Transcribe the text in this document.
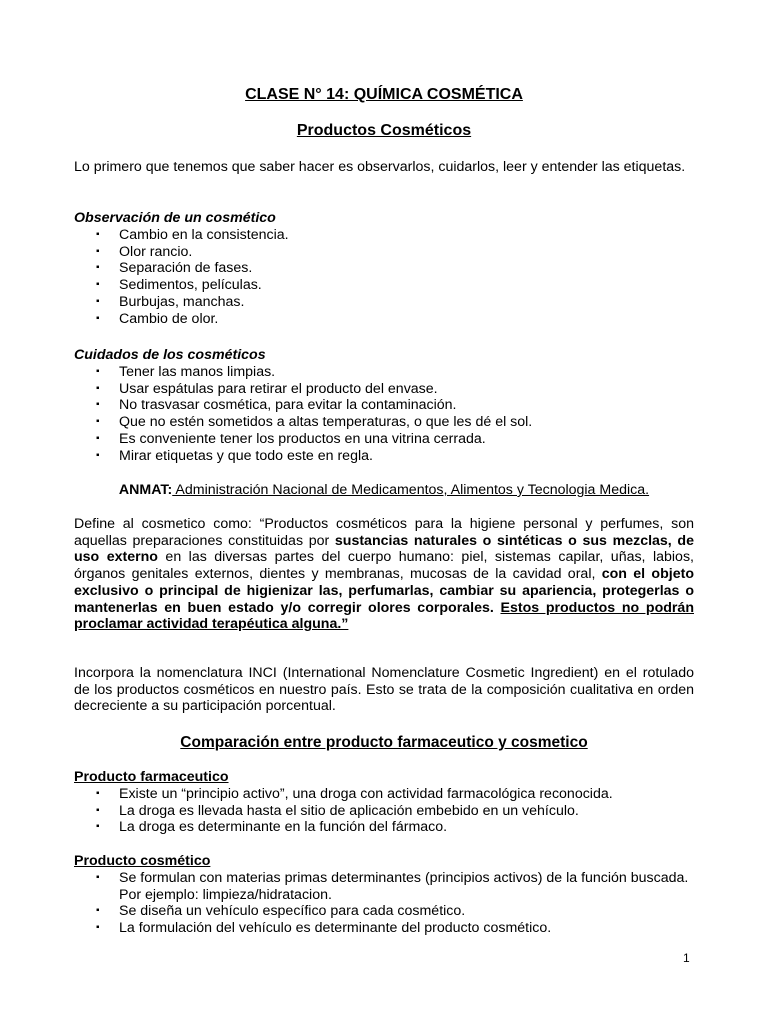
CLASE N° 14: QUÍMICA COSMÉTICA
Productos Cosméticos
Lo primero que tenemos que saber hacer es observarlos, cuidarlos, leer y entender las etiquetas.
Observación de un cosmético
▪ Cambio en la consistencia.
▪ Olor rancio.
▪ Separación de fases.
▪ Sedimentos, películas.
▪ Burbujas, manchas.
▪ Cambio de olor.
Cuidados de los cosméticos
▪ Tener las manos limpias.
▪ Usar espátulas para retirar el producto del envase.
▪ No trasvasar cosmética, para evitar la contaminación.
▪ Que no estén sometidos a altas temperaturas, o que les dé el sol.
▪ Es conveniente tener los productos en una vitrina cerrada.
▪ Mirar etiquetas y que todo este en regla.
ANMAT: Administración Nacional de Medicamentos, Alimentos y Tecnologia Medica.
Define al cosmetico como: “Productos cosméticos para la higiene personal y perfumes, son aquellas preparaciones constituidas por sustancias naturales o sintéticas o sus mezclas, de uso externo en las diversas partes del cuerpo humano: piel, sistemas capilar, uñas, labios, órganos genitales externos, dientes y membranas, mucosas de la cavidad oral, con el objeto exclusivo o principal de higienizar las, perfumarlas, cambiar su apariencia, protegerlas o mantenerlas en buen estado y/o corregir olores corporales. Estos productos no podrán proclamar actividad terapéutica alguna.”
Incorpora la nomenclatura INCI (International Nomenclature Cosmetic Ingredient) en el rotulado de los productos cosméticos en nuestro país. Esto se trata de la composición cualitativa en orden decreciente a su participación porcentual.
Comparación entre producto farmaceutico y cosmetico
Producto farmaceutico
▪ Existe un “principio activo”, una droga con actividad farmacológica reconocida.
▪ La droga es llevada hasta el sitio de aplicación embebido en un vehículo.
▪ La droga es determinante en la función del fármaco.
Producto cosmético
▪ Se formulan con materias primas determinantes (principios activos) de la función buscada. Por ejemplo: limpieza/hidratacion.
▪ Se diseña un vehículo específico para cada cosmético.
▪ La formulación del vehículo es determinante del producto cosmético.
1
